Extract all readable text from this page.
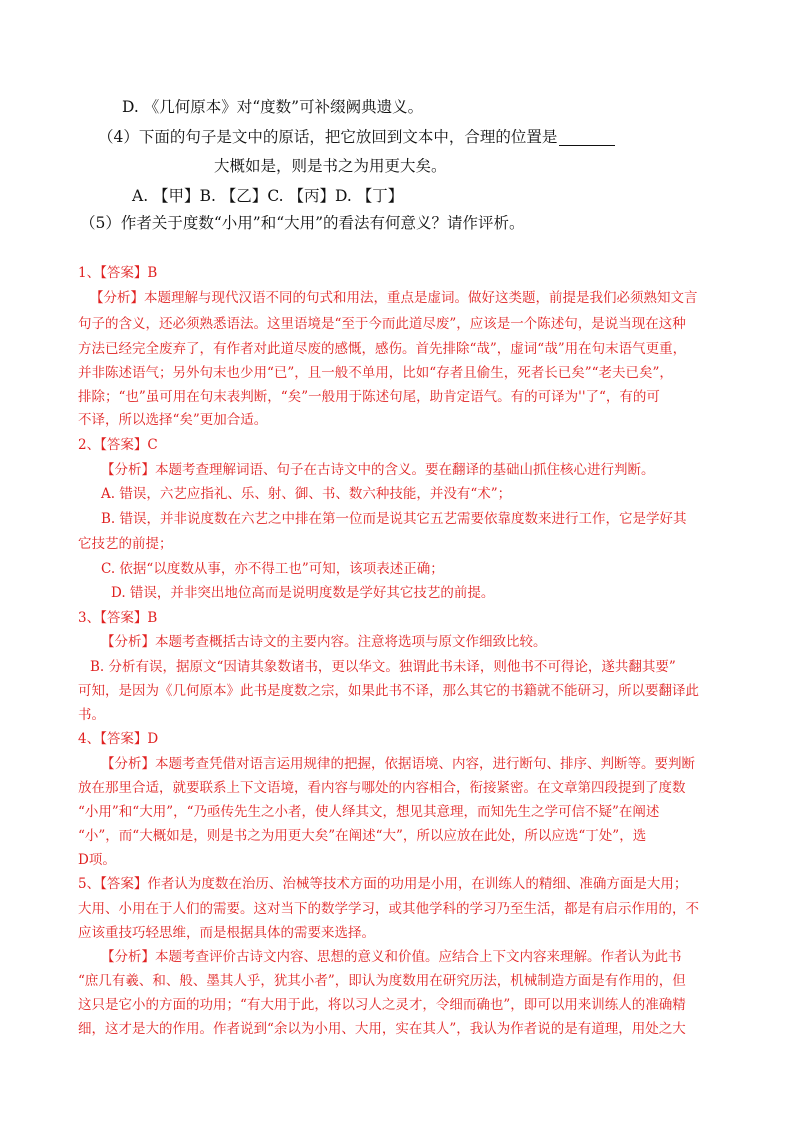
D. 《几何原本》对“度数”可补缀阙典遗义。
（4）下面的句子是文中的原话，把它放回到文本中，合理的位置是
大概如是，则是书之为用更大矣。
A. 【甲】B. 【乙】C. 【丙】D. 【丁】
（5）作者关于度数“小用”和“大用”的看法有何意义？请作评析。
1、【答案】B
【分析】本题理解与现代汉语不同的句式和用法，重点是虚词。做好这类题，前提是我们必须熟知文言
句子的含义，还必须熟悉语法。这里语境是“至于今而此道尽废”，应该是一个陈述句，是说当现在这种
方法已经完全废弃了，有作者对此道尽废的感慨，感伤。首先排除“哉”，虚词“哉”用在句末语气更重，
并非陈述语气；另外句末也少用“已”，且一般不单用，比如“存者且偷生，死者长已矣”“老夫已矣”，
排除；“也”虽可用在句末表判断，“矣”一般用于陈述句尾，助肯定语气。有的可译为''了“，有的可
不译，所以选择“矣”更加合适。
2、【答案】C
【分析】本题考查理解词语、句子在古诗文中的含义。要在翻译的基础山抓住核心进行判断。
A. 错误，六艺应指礼、乐、射、御、书、数六种技能，并没有“术”；
B. 错误，并非说度数在六艺之中排在第一位而是说其它五艺需要依靠度数来进行工作，它是学好其
它技艺的前提；
C. 依据“以度数从事，亦不得工也”可知，该项表述正确；
D. 错误，并非突出地位高而是说明度数是学好其它技艺的前提。
3、【答案】B
【分析】本题考查概括古诗文的主要内容。注意将选项与原文作细致比较。
B. 分析有误，据原文“因请其象数诸书，更以华文。独谓此书未译，则他书不可得论，遂共翻其要”
可知，是因为《几何原本》此书是度数之宗，如果此书不译，那么其它的书籍就不能研习，所以要翻译此
书。
4、【答案】D
【分析】本题考查凭借对语言运用规律的把握，依据语境、内容，进行断句、排序、判断等。要判断
放在那里合适，就要联系上下文语境，看内容与哪处的内容相合，衔接紧密。在文章第四段提到了度数
“小用”和“大用”，“乃亟传先生之小者，使人绎其文，想见其意理，而知先生之学可信不疑”在阐述
“小”，而“大概如是，则是书之为用更大矣”在阐述“大”，所以应放在此处，所以应选“丁处”，选
D项。
5、【答案】作者认为度数在治历、治械等技术方面的功用是小用，在训练人的精细、准确方面是大用；
大用、小用在于人们的需要。这对当下的数学学习，或其他学科的学习乃至生活，都是有启示作用的，不
应该重技巧轻思维，而是根据具体的需要来选择。
【分析】本题考查评价古诗文内容、思想的意义和价值。应结合上下文内容来理解。作者认为此书
“庶几有羲、和、般、墨其人乎，犹其小者”，即认为度数用在研究历法，机械制造方面是有作用的，但
这只是它小的方面的功用；“有大用于此，将以习人之灵才，令细而确也”，即可以用来训练人的准确精
细，这才是大的作用。作者说到“余以为小用、大用，实在其人”，我认为作者说的是有道理，用处之大
